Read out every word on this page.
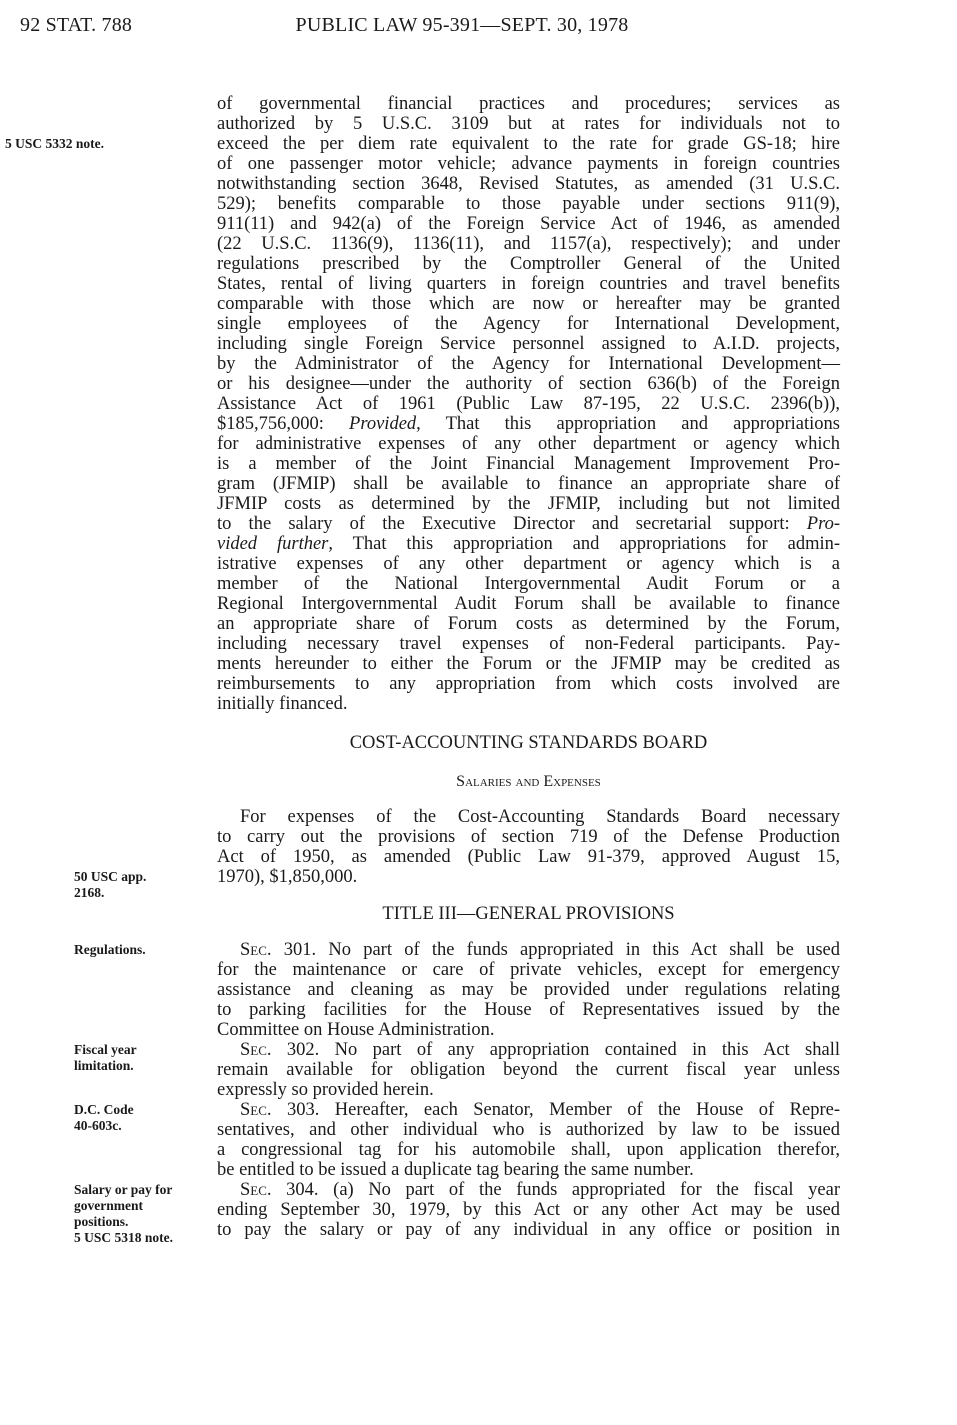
92 STAT. 788	PUBLIC LAW 95-391—SEPT. 30, 1978
of governmental financial practices and procedures; services as
authorized by 5 U.S.C. 3109 but at rates for individuals not to
exceed the per diem rate equivalent to the rate for grade GS-18; hire
of one passenger motor vehicle; advance payments in foreign countries
notwithstanding section 3648, Revised Statutes, as amended (31 U.S.C.
529); benefits comparable to those payable under sections 911(9),
911(11) and 942(a) of the Foreign Service Act of 1946, as amended
(22 U.S.C. 1136(9), 1136(11), and 1157(a), respectively); and under
regulations prescribed by the Comptroller General of the United
States, rental of living quarters in foreign countries and travel benefits
comparable with those which are now or hereafter may be granted
single employees of the Agency for International Development,
including single Foreign Service personnel assigned to A.I.D. projects,
by the Administrator of the Agency for International Development—
or his designee—under the authority of section 636(b) of the Foreign
Assistance Act of 1961 (Public Law 87-195, 22 U.S.C. 2396(b)),
$185,756,000: Provided, That this appropriation and appropriations
for administrative expenses of any other department or agency which
is a member of the Joint Financial Management Improvement Pro-
gram (JFMIP) shall be available to finance an appropriate share of
JFMIP costs as determined by the JFMIP, including but not limited
to the salary of the Executive Director and secretarial support: Pro-
vided further, That this appropriation and appropriations for admin-
istrative expenses of any other department or agency which is a
member of the National Intergovernmental Audit Forum or a
Regional Intergovernmental Audit Forum shall be available to finance
an appropriate share of Forum costs as determined by the Forum,
including necessary travel expenses of non-Federal participants. Pay-
ments hereunder to either the Forum or the JFMIP may be credited as
reimbursements to any appropriation from which costs involved are
initially financed.
COST-ACCOUNTING STANDARDS BOARD
Salaries and Expenses
For expenses of the Cost-Accounting Standards Board necessary
to carry out the provisions of section 719 of the Defense Production
Act of 1950, as amended (Public Law 91-379, approved August 15,
1970), $1,850,000.
TITLE III—GENERAL PROVISIONS
Sec. 301. No part of the funds appropriated in this Act shall be used
for the maintenance or care of private vehicles, except for emergency
assistance and cleaning as may be provided under regulations relating
to parking facilities for the House of Representatives issued by the
Committee on House Administration.
Sec. 302. No part of any appropriation contained in this Act shall
remain available for obligation beyond the current fiscal year unless
expressly so provided herein.
Sec. 303. Hereafter, each Senator, Member of the House of Repre-
sentatives, and other individual who is authorized by law to be issued
a congressional tag for his automobile shall, upon application therefor,
be entitled to be issued a duplicate tag bearing the same number.
Sec. 304. (a) No part of the funds appropriated for the fiscal year
ending September 30, 1979, by this Act or any other Act may be used
to pay the salary or pay of any individual in any office or position in
5 USC 5332 note.
50 USC app.
2168.
Regulations.
Fiscal year
limitation.
D.C. Code
40-603c.
Salary or pay for
government
positions.
5 USC 5318 note.
